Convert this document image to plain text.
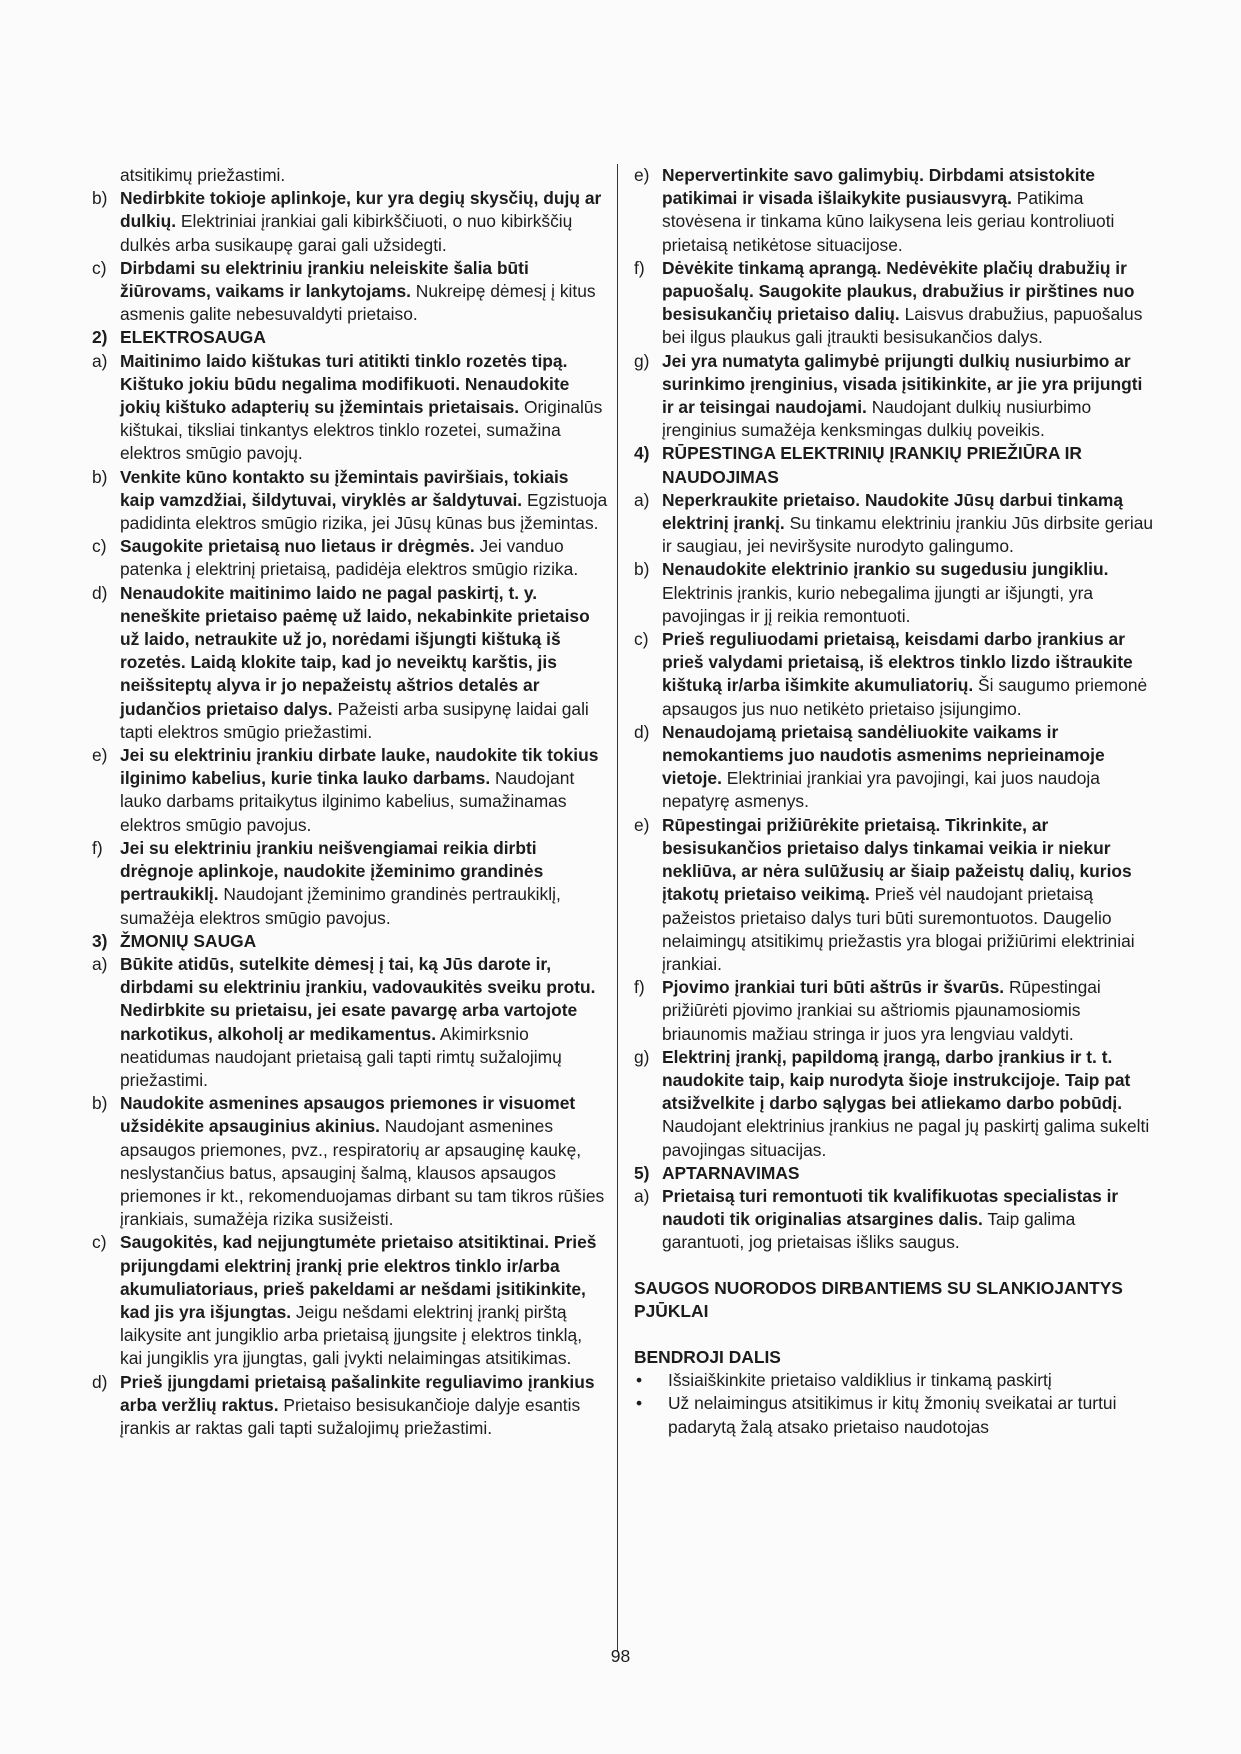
atsitikimų priežastimi.
b) Nedirbkite tokioje aplinkoje, kur yra degių skysčių, dujų ar dulkių. Elektriniai įrankiai gali kibirkščiuoti, o nuo kibirkščių dulkės arba susikaupę garai gali užsidegti.
c) Dirbdami su elektriniu įrankiu neleiskite šalia būti žiūrovams, vaikams ir lankytojams. Nukreipę dėmesį į kitus asmenis galite nebesuvaldyti prietaiso.
2) ELEKTROSAUGA
a) Maitinimo laido kištukas turi atitikti tinklo rozetės tipą. Kištuko jokiu būdu negalima modifikuoti. Nenaudokite jokių kištuko adapterių su įžemintais prietaisais. Originalūs kištukai, tiksliai tinkantys elektros tinklo rozetei, sumažina elektros smūgio pavojų.
b) Venkite kūno kontakto su įžemintais paviršiais, tokiais kaip vamzdžiai, šildytuvai, viryklės ar šaldytuvai. Egzistuoja padidinta elektros smūgio rizika, jei Jūsų kūnas bus įžemintas.
c) Saugokite prietaisą nuo lietaus ir drėgmės. Jei vanduo patenka į elektrinį prietaisą, padidėja elektros smūgio rizika.
d) Nenaudokite maitinimo laido ne pagal paskirtį, t. y. neneškite prietaiso paėmę už laido, nekabinkite prietaiso už laido, netraukite už jo, norėdami išjungti kištuką iš rozetės. Laidą klokite taip, kad jo neveiktų karštis, jis neišsiteptų alyva ir jo nepažeistų aštrios detalės ar judančios prietaiso dalys. Pažeisti arba susipynę laidai gali tapti elektros smūgio priežastimi.
e) Jei su elektriniu įrankiu dirbate lauke, naudokite tik tokius ilginimo kabelius, kurie tinka lauko darbams. Naudojant lauko darbams pritaikytus ilginimo kabelius, sumažinamas elektros smūgio pavojus.
f) Jei su elektriniu įrankiu neišvengiamai reikia dirbti drėgnoje aplinkoje, naudokite įžeminimo grandinės pertraukiklį. Naudojant įžeminimo grandinės pertraukiklį, sumažėja elektros smūgio pavojus.
3) ŽMONIŲ SAUGA
a) Būkite atidūs, sutelkite dėmesį į tai, ką Jūs darote ir, dirbdami su elektriniu įrankiu, vadovaukitės sveiku protu. Nedirbkite su prietaisu, jei esate pavargę arba vartojote narkotikus, alkoholį ar medikamentus. Akimirksnio neatidumas naudojant prietaisą gali tapti rimtų sužalojimų priežastimi.
b) Naudokite asmenines apsaugos priemones ir visuomet užsidėkite apsauginius akinius. Naudojant asmenines apsaugos priemones, pvz., respiratorių ar apsauginę kaukę, neslystančius batus, apsauginį šalmą, klausos apsaugos priemones ir kt., rekomenduojamas dirbant su tam tikros rūšies įrankiais, sumažėja rizika susižeisti.
c) Saugokitės, kad neįjungtumėte prietaiso atsitiktinai. Prieš prijungdami elektrinį įrankį prie elektros tinklo ir/arba akumuliatoriaus, prieš pakeldami ar nešdami įsitikinkite, kad jis yra išjungtas. Jeigu nešdami elektrinį įrankį pirštą laikysite ant jungiklio arba prietaisą įjungsite į elektros tinklą, kai jungiklis yra įjungtas, gali įvykti nelaimingas atsitikimas.
d) Prieš įjungdami prietaisą pašalinkite reguliavimo įrankius arba veržlių raktus. Prietaiso besisukančioje dalyje esantis įrankis ar raktas gali tapti sužalojimų priežastimi.
e) Nepervertinkite savo galimybių. Dirbdami atsistokite patikimai ir visada išlaikykite pusiausvyrą. Patikima stovėsena ir tinkama kūno laikysena leis geriau kontroliuoti prietaisą netikėtose situacijose.
f) Dėvėkite tinkamą aprangą. Nedėvėkite plačių drabužių ir papuošalų. Saugokite plaukus, drabužius ir pirštines nuo besisukančių prietaiso dalių. Laisvus drabužius, papuošalus bei ilgus plaukus gali įtraukti besisukančios dalys.
g) Jei yra numatyta galimybė prijungti dulkių nusiurbimo ar surinkimo įrenginius, visada įsitikinkite, ar jie yra prijungti ir ar teisingai naudojami. Naudojant dulkių nusiurbimo įrenginius sumažėja kenksmingas dulkių poveikis.
4) RŪPESTINGA ELEKTRINIŲ ĮRANKIŲ PRIEŽIŪRA IR NAUDOJIMAS
a) Neperkraukite prietaiso. Naudokite Jūsų darbui tinkamą elektrinį įrankį. Su tinkamu elektriniu įrankiu Jūs dirbsite geriau ir saugiau, jei neviršysite nurodyto galingumo.
b) Nenaudokite elektrinio įrankio su sugedusiu jungikliu. Elektrinis įrankis, kurio nebegalima įjungti ar išjungti, yra pavojingas ir jį reikia remontuoti.
c) Prieš reguliuodami prietaisą, keisdami darbo įrankius ar prieš valydami prietaisą, iš elektros tinklo lizdo ištraukite kištuką ir/arba išimkite akumuliatorių. Ši saugumo priemonė apsaugos jus nuo netikėto prietaiso įsijungimo.
d) Nenaudojamą prietaisą sandėliuokite vaikams ir nemokantiems juo naudotis asmenims neprieinamoje vietoje. Elektriniai įrankiai yra pavojingi, kai juos naudoja nepatyrę asmenys.
e) Rūpestingai prižiūrėkite prietaisą. Tikrinkite, ar besisukančios prietaiso dalys tinkamai veikia ir niekur nekliūva, ar nėra sulūžusių ar šiaip pažeistų dalių, kurios įtakotų prietaiso veikimą. Prieš vėl naudojant prietaisą pažeistos prietaiso dalys turi būti suremontuotos. Daugelio nelaimingų atsitikimų priežastis yra blogai prižiūrimi elektriniai įrankiai.
f) Pjovimo įrankiai turi būti aštrūs ir švarūs. Rūpestingai prižiūrėti pjovimo įrankiai su aštriomis pjaunamosiomis briaunomis mažiau stringa ir juos yra lengviau valdyti.
g) Elektrinį įrankį, papildomą įrangą, darbo įrankius ir t. t. naudokite taip, kaip nurodyta šioje instrukcijoje. Taip pat atsižvelkite į darbo sąlygas bei atliekamo darbo pobūdį. Naudojant elektrinius įrankius ne pagal jų paskirtį galima sukelti pavojingas situacijas.
5) APTARNAVIMAS
a) Prietaisą turi remontuoti tik kvalifikuotas specialistas ir naudoti tik originalias atsargines dalis. Taip galima garantuoti, jog prietaisas išliks saugus.
SAUGOS NUORODOS DIRBANTIEMS SU SLANKIOJANTYS PJŪKLAI
BENDROJI DALIS
• Išsiaiškinkite prietaiso valdiklius ir tinkamą paskirtį
• Už nelaimingus atsitikimus ir kitų žmonių sveikatai ar turtui padarytą žalą atsako prietaiso naudotojas
98
